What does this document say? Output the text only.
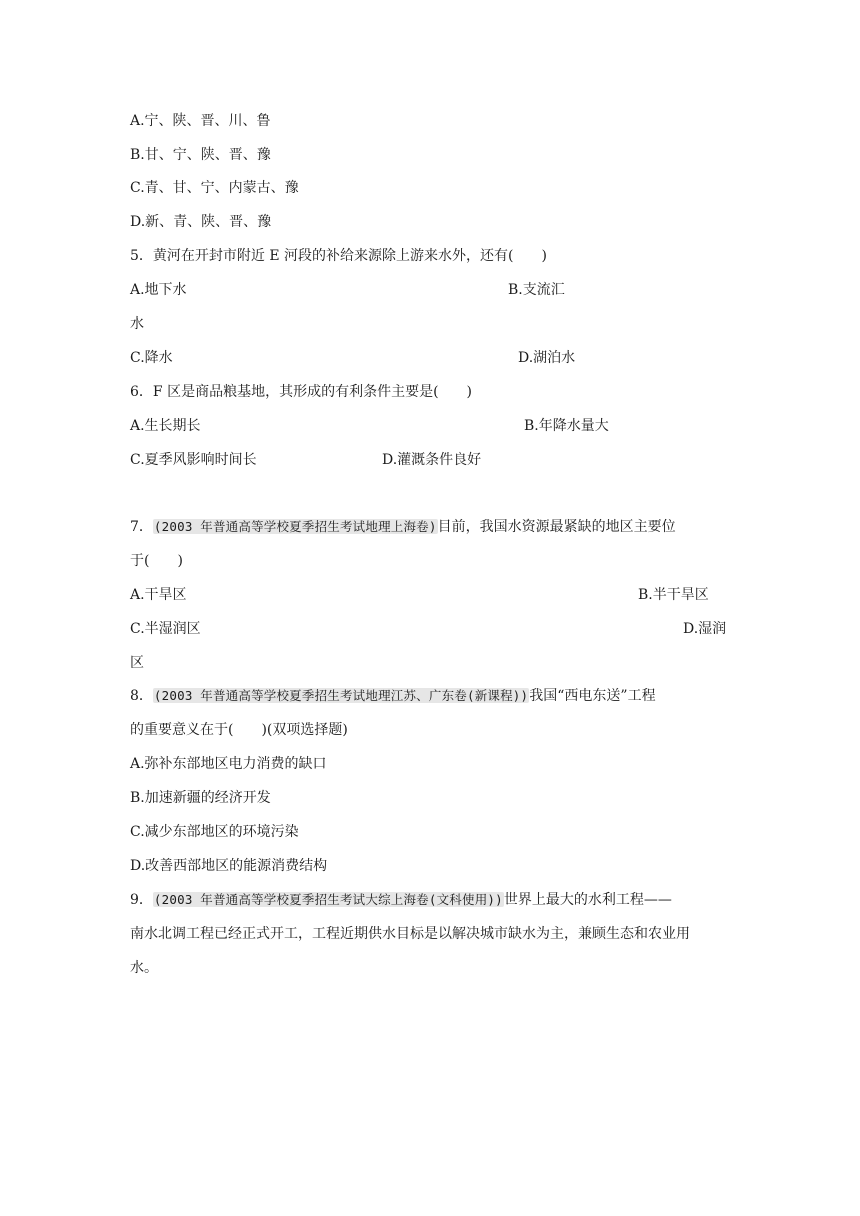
A.宁、陕、晋、川、鲁
B.甘、宁、陕、晋、豫
C.青、甘、宁、内蒙古、豫
D.新、青、陕、晋、豫
5．黄河在开封市附近 E 河段的补给来源除上游来水外，还有(　　)
A.地下水	B.支流汇
水
C.降水	D.湖泊水
6．F 区是商品粮基地，其形成的有利条件主要是(　　)
A.生长期长	B.年降水量大
C.夏季风影响时间长	D.灌溉条件良好
7．(2003 年普通高等学校夏季招生考试地理上海卷)目前，我国水资源最紧缺的地区主要位
于(　　)
A.干旱区	B.半干旱区
C.半湿润区	D.湿润
区
8．(2003 年普通高等学校夏季招生考试地理江苏、广东卷(新课程))我国“西电东送”工程
的重要意义在于(　　)(双项选择题)
A.弥补东部地区电力消费的缺口
B.加速新疆的经济开发
C.减少东部地区的环境污染
D.改善西部地区的能源消费结构
9．(2003 年普通高等学校夏季招生考试大综上海卷(文科使用))世界上最大的水利工程——
南水北调工程已经正式开工，工程近期供水目标是以解决城市缺水为主，兼顾生态和农业用
水。
